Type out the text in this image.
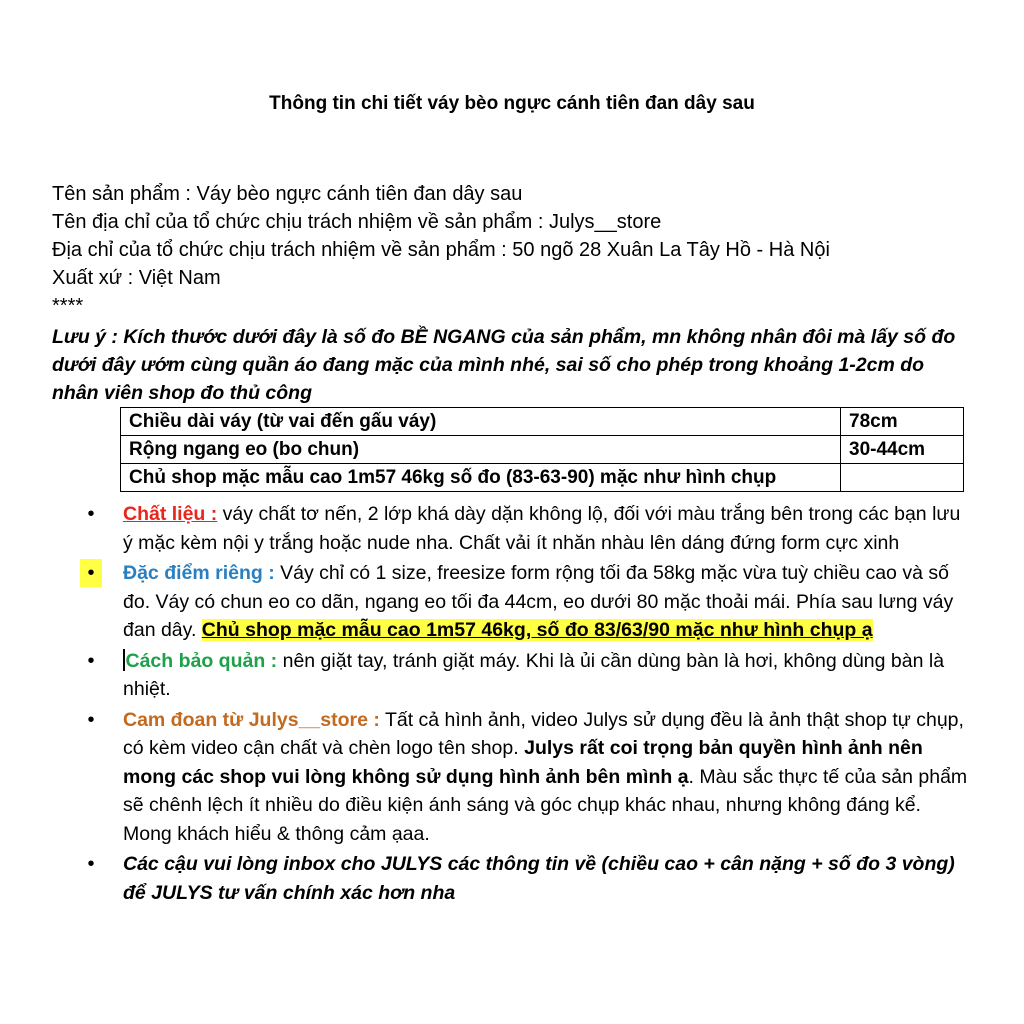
Thông tin chi tiết váy bèo ngực cánh tiên đan dây sau

Tên sản phẩm : Váy bèo ngực cánh tiên đan dây sau

Tên địa chỉ của tổ chức chịu trách nhiệm về sản phẩm : Julys__store

Địa chỉ của tổ chức chịu trách nhiệm về sản phẩm : 50 ngõ 28 Xuân La Tây Hồ - Hà Nội

Xuất xứ : Việt Nam

****

Lưu ý : Kích thước dưới đây là số đo BỀ NGANG của sản phẩm, mn không nhân đôi mà lấy số đo dưới đây ướm cùng quần áo đang mặc của mình nhé, sai số cho phép trong khoảng 1-2cm do nhân viên shop đo thủ công

Chiều dài váy (từ vai đến gấu váy)	78cm
Rộng ngang eo (bo chun)	30-44cm
Chủ shop mặc mẫu cao 1m57 46kg số đo (83-63-90) mặc như hình chụp	
• Chất liệu : váy chất tơ nến, 2 lớp khá dày dặn không lộ, đối với màu trắng bên trong các bạn lưu ý mặc kèm nội y trắng hoặc nude nha. Chất vải ít nhăn nhàu lên dáng đứng form cực xinh
•	Đặc điểm riêng : Váy chỉ có 1 size, freesize form rộng tối đa 58kg mặc vừa tuỳ chiều cao và số đo. Váy có chun eo co dãn, ngang eo tối đa 44cm, eo dưới 80 mặc thoải mái. Phía sau lưng váy đan dây. Chủ shop mặc mẫu cao 1m57 46kg, số đo 83/63/90 mặc như hình chụp ạ
• Cách bảo quản : nên giặt tay, tránh giặt máy. Khi là ủi cần dùng bàn là hơi, không dùng bàn là nhiệt.
• Cam đoan từ Julys__store : Tất cả hình ảnh, video Julys sử dụng đều là ảnh thật shop tự chụp, có kèm video cận chất và chèn logo tên shop. Julys rất coi trọng bản quyền hình ảnh nên mong các shop vui lòng không sử dụng hình ảnh bên mình ạ. Màu sắc thực tế của sản phẩm sẽ chênh lệch ít nhiều do điều kiện ánh sáng và góc chụp khác nhau, nhưng không đáng kể. Mong khách hiểu & thông cảm ạaa.
• Các cậu vui lòng inbox cho JULYS các thông tin về (chiều cao + cân nặng + số đo 3 vòng) để JULYS tư vấn chính xác hơn nha
